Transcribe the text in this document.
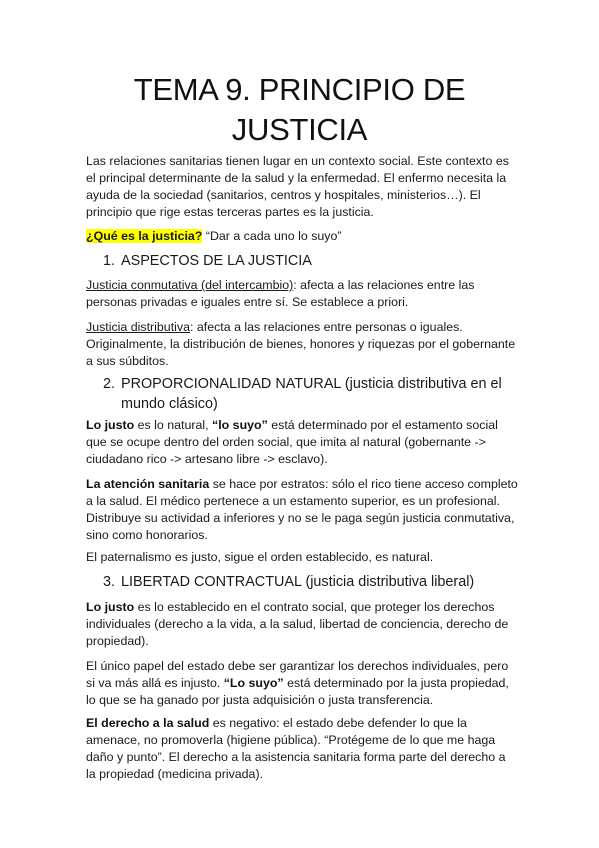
TEMA 9. PRINCIPIO DE
JUSTICIA
Las relaciones sanitarias tienen lugar en un contexto social. Este contexto es el principal determinante de la salud y la enfermedad. El enfermo necesita la ayuda de la sociedad (sanitarios, centros y hospitales, ministerios…). El principio que rige estas terceras partes es la justicia.
¿Qué es la justicia? “Dar a cada uno lo suyo”
1. ASPECTOS DE LA JUSTICIA
Justicia conmutativa (del intercambio): afecta a las relaciones entre las personas privadas e iguales entre sí. Se establece a priori.
Justicia distributiva: afecta a las relaciones entre personas o iguales. Originalmente, la distribución de bienes, honores y riquezas por el gobernante a sus súbditos.
2. PROPORCIONALIDAD NATURAL (justicia distributiva en el
mundo clásico)
Lo justo es lo natural, “lo suyo” está determinado por el estamento social que se ocupe dentro del orden social, que imita al natural (gobernante -> ciudadano rico -> artesano libre -> esclavo).
La atención sanitaria se hace por estratos: sólo el rico tiene acceso completo a la salud. El médico pertenece a un estamento superior, es un profesional. Distribuye su actividad a inferiores y no se le paga según justicia conmutativa, sino como honorarios.
El paternalismo es justo, sigue el orden establecido, es natural.
3. LIBERTAD CONTRACTUAL (justicia distributiva liberal)
Lo justo es lo establecido en el contrato social, que proteger los derechos individuales (derecho a la vida, a la salud, libertad de conciencia, derecho de propiedad).
El único papel del estado debe ser garantizar los derechos individuales, pero si va más allá es injusto. “Lo suyo” está determinado por la justa propiedad, lo que se ha ganado por justa adquisición o justa transferencia.
El derecho a la salud es negativo: el estado debe defender lo que la amenace, no promoverla (higiene pública). “Protégeme de lo que me haga daño y punto”. El derecho a la asistencia sanitaria forma parte del derecho a la propiedad (medicina privada).
